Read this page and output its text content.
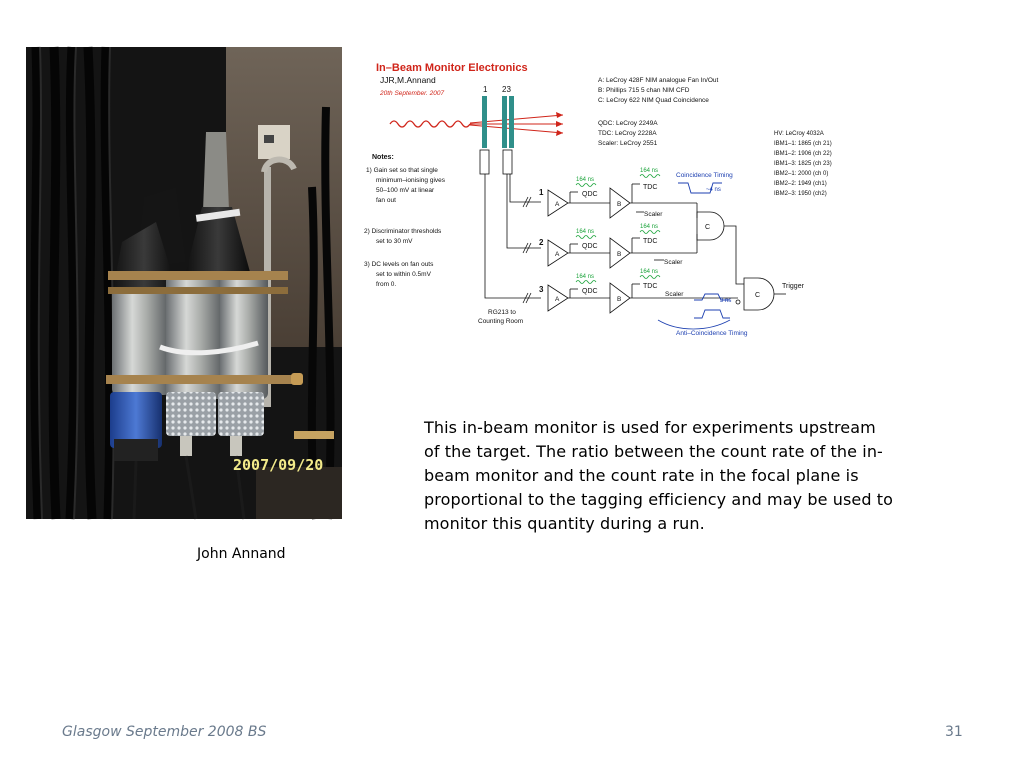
2007/09/20
John Annand
In–Beam Monitor Electronics
JJR,M.Annand
20th September. 2007	1 23
1
2
3
RG213 to
Counting Room
A	B
QDC
164 ns
TDC
164 ns
Scaler
A	B
QDC
164 ns
TDC
164 ns
Scaler
A	B
QDC
164 ns
TDC
164 ns
Scaler
C
C
Trigger
Coincidence Timing
~4 ns
Anti–Coincidence Timing
3 ns
A: LeCroy 428F NIM analogue Fan In/Out
B: Phillips 715 5 chan NIM CFD
C: LeCroy 622 NIM Quad Coincidence
QDC: LeCroy 2249A
TDC: LeCroy 2228A
Scaler: LeCroy 2551
HV: LeCroy 4032A
IBM1–1: 1865 (ch 21)
IBM1–2: 1906 (ch 22)
IBM1–3: 1825 (ch 23)
IBM2–1: 2000 (ch 0)
IBM2–2: 1949 (ch1)
IBM2–3: 1950 (ch2)
Notes:
1) Gain set so that single
minimum–ionising gives
50–100 mV at linear
fan out
2) Discriminator thresholds
set to 30 mV
3) DC levels on fan outs
set to within 0.5mV
from 0.
This in-beam monitor is used for experiments upstream of the target. The ratio between the count rate of the in-beam monitor and the count rate in the focal plane is proportional to the tagging efficiency and may be used to monitor this quantity during a run.
Glasgow September 2008 BS	31
